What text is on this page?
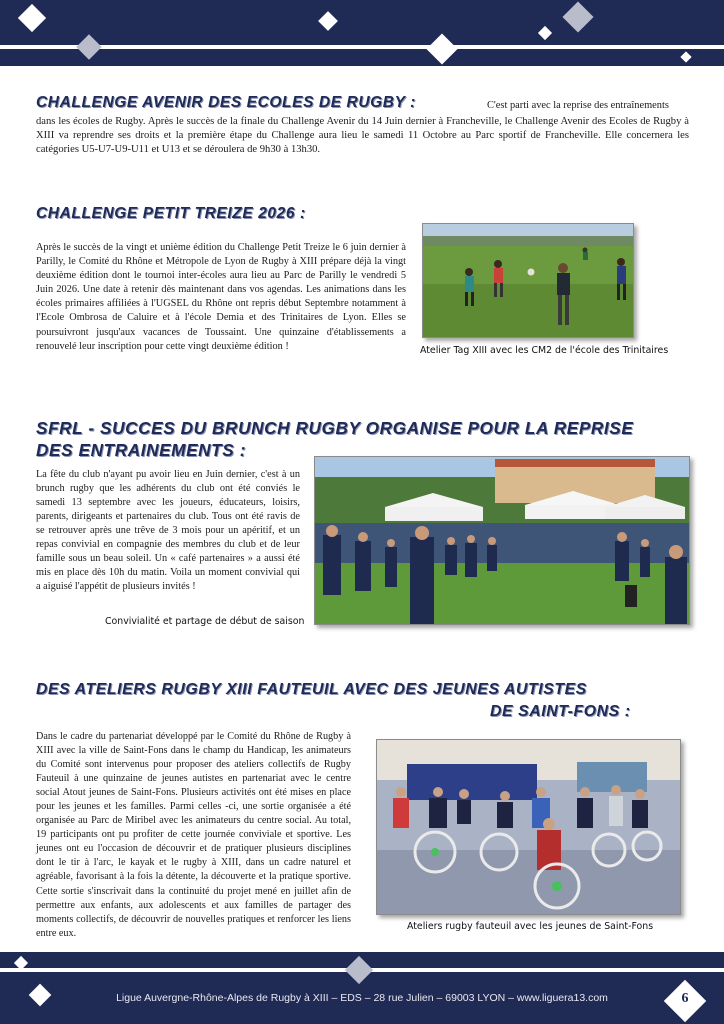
CHALLENGE AVENIR DES ECOLES DE RUGBY :	C'est parti avec la reprise des entraînements
dans les écoles de Rugby. Après le succès de la finale du Challenge Avenir du 14 Juin dernier à Francheville, le Challenge Avenir des Ecoles de Rugby à XIII va reprendre ses droits et la première étape du Challenge aura lieu le samedi 11 Octobre au Parc sportif de Francheville. Elle concernera les catégories U5-U7-U9-U11 et U13 et se déroulera de 9h30 à 13h30.
CHALLENGE PETIT TREIZE 2026 :
Après le succès de la vingt et unième édition du Challenge Petit Treize le 6 juin dernier à Parilly, le Comité du Rhône et Métropole de Lyon de Rugby à XIII prépare déjà la vingt deuxième édition dont le tournoi inter-écoles aura lieu au Parc de Parilly le vendredi 5 Juin 2026. Une date à retenir dès maintenant dans vos agendas. Les animations dans les écoles primaires affiliées à l'UGSEL du Rhône ont repris début Septembre notamment à l'Ecole Ombrosa de Caluire et à l'école Demia et des Trinitaires de Lyon. Elles se poursuivront jusqu'aux vacances de Toussaint. Une quinzaine d'établissements a renouvelé leur inscription pour cette vingt deuxième édition !	Atelier Tag XIII avec les CM2 de l'école des Trinitaires
SFRL - SUCCES DU BRUNCH RUGBY ORGANISE POUR LA REPRISE
DES ENTRAINEMENTS :
La fête du club n'ayant pu avoir lieu en Juin dernier, c'est à un brunch rugby que les adhérents du club ont été conviés le samedi 13 septembre avec les joueurs, éducateurs, loisirs, parents, dirigeants et partenaires du club. Tous ont été ravis de se retrouver après une trêve de 3 mois pour un apéritif, et un repas convivial en compagnie des membres du club et de leur famille sous un beau soleil. Un « café partenaires » a aussi été mis en place dès 10h du matin. Voila un moment convivial qui a aiguisé l'appétit de plusieurs invités !
Convivialité et partage de début de saison
DES ATELIERS RUGBY XIII FAUTEUIL AVEC DES JEUNES AUTISTES
DE SAINT-FONS :
Dans le cadre du partenariat développé par le Comité du Rhône de Rugby à XIII avec la ville de Saint-Fons dans le champ du Handicap, les animateurs du Comité sont intervenus pour proposer des ateliers collectifs de Rugby Fauteuil à une quinzaine de jeunes autistes en partenariat avec le centre social Atout jeunes de Saint-Fons. Plusieurs activités ont été mises en place pour les jeunes et les familles. Parmi celles -ci, une sortie organisée a été organisée au Parc de Miribel avec les animateurs du centre social. Au total, 19 participants ont pu profiter de cette journée conviviale et sportive. Les jeunes ont eu l'occasion de découvrir et de pratiquer plusieurs disciplines dont le tir à l'arc, le kayak et le rugby à XIII, dans un cadre naturel et agréable, favorisant à la fois la détente, la découverte et la pratique sportive. Cette sortie s'inscrivait dans la continuité du projet mené en juillet afin de permettre aux enfants, aux adolescents et aux familles de partager des moments collectifs, de découvrir de nouvelles pratiques et renforcer les liens entre eux.
Ateliers rugby fauteuil avec les jeunes de Saint-Fons
Ligue Auvergne-Rhône-Alpes de Rugby à XIII – EDS – 28 rue Julien – 69003 LYON – www.liguera13.com	6
